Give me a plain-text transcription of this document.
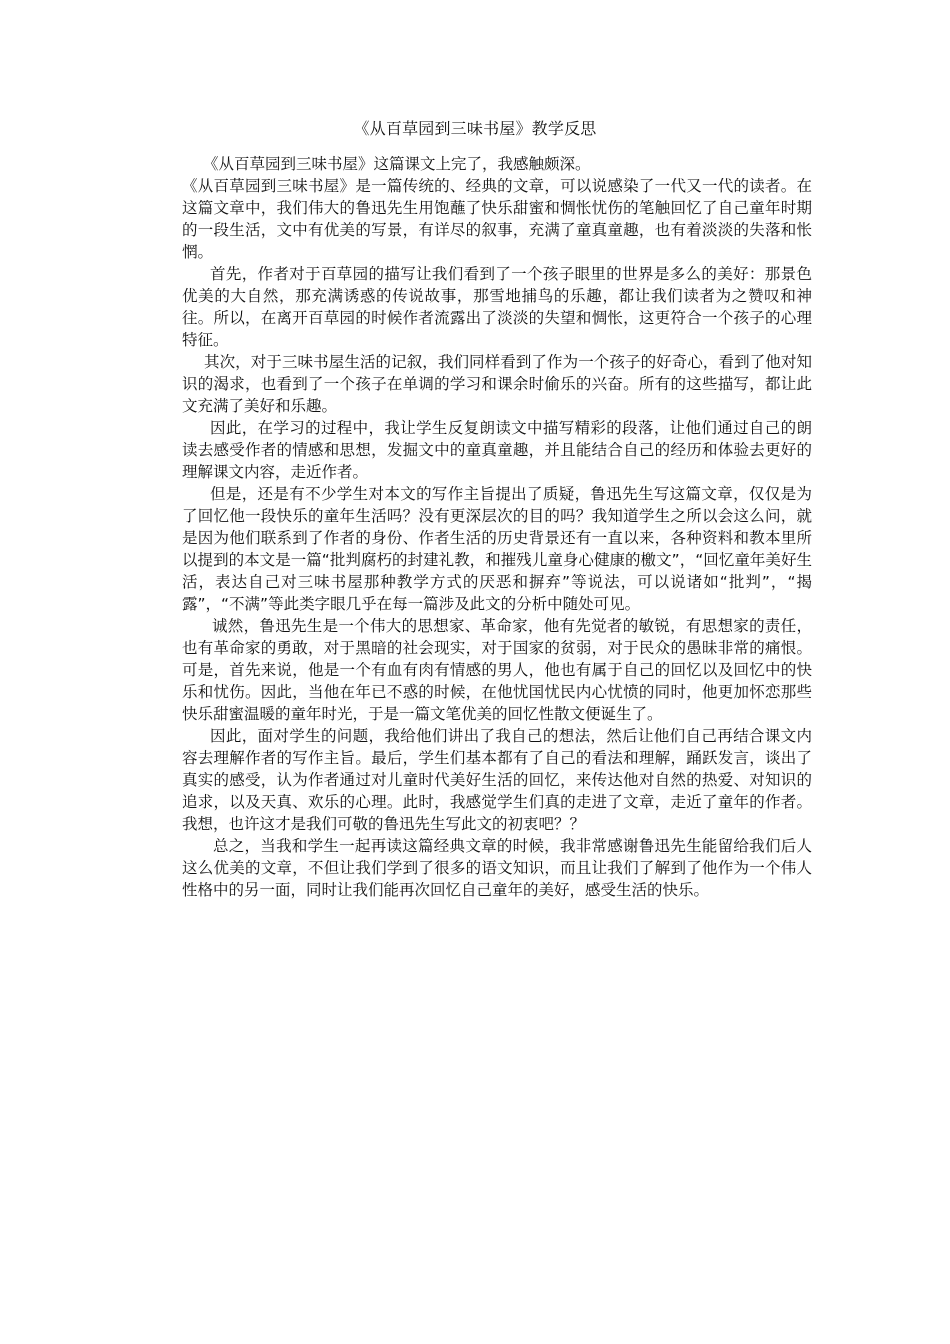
《从百草园到三味书屋》教学反思

《从百草园到三味书屋》这篇课文上完了，我感触颇深。

《从百草园到三味书屋》是一篇传统的、经典的文章，可以说感染了一代又一代的读者。在这篇文章中，我们伟大的鲁迅先生用饱蘸了快乐甜蜜和惆怅忧伤的笔触回忆了自己童年时期的一段生活，文中有优美的写景，有详尽的叙事，充满了童真童趣，也有着淡淡的失落和怅惘。

首先，作者对于百草园的描写让我们看到了一个孩子眼里的世界是多么的美好：那景色优美的大自然，那充满诱惑的传说故事，那雪地捕鸟的乐趣，都让我们读者为之赞叹和神往。所以，在离开百草园的时候作者流露出了淡淡的失望和惆怅，这更符合一个孩子的心理特征。

其次，对于三味书屋生活的记叙，我们同样看到了作为一个孩子的好奇心，看到了他对知识的渴求，也看到了一个孩子在单调的学习和课余时偷乐的兴奋。所有的这些描写，都让此文充满了美好和乐趣。

因此，在学习的过程中，我让学生反复朗读文中描写精彩的段落，让他们通过自己的朗读去感受作者的情感和思想，发掘文中的童真童趣，并且能结合自己的经历和体验去更好的理解课文内容，走近作者。

但是，还是有不少学生对本文的写作主旨提出了质疑，鲁迅先生写这篇文章，仅仅是为了回忆他一段快乐的童年生活吗？没有更深层次的目的吗？我知道学生之所以会这么问，就是因为他们联系到了作者的身份、作者生活的历史背景还有一直以来，各种资料和教本里所以提到的本文是一篇“批判腐朽的封建礼教，和摧残儿童身心健康的檄文”，“回忆童年美好生活，表达自己对三味书屋那种教学方式的厌恶和摒弃”等说法，可以说诸如“批判”，“揭露”，“不满”等此类字眼几乎在每一篇涉及此文的分析中随处可见。

诚然，鲁迅先生是一个伟大的思想家、革命家，他有先觉者的敏锐，有思想家的责任，也有革命家的勇敢，对于黑暗的社会现实，对于国家的贫弱，对于民众的愚昧非常的痛恨。可是，首先来说，他是一个有血有肉有情感的男人，他也有属于自己的回忆以及回忆中的快乐和忧伤。因此，当他在年已不惑的时候，在他忧国忧民内心忧愤的同时，他更加怀恋那些快乐甜蜜温暖的童年时光，于是一篇文笔优美的回忆性散文便诞生了。

因此，面对学生的问题，我给他们讲出了我自己的想法，然后让他们自己再结合课文内容去理解作者的写作主旨。最后，学生们基本都有了自己的看法和理解，踊跃发言，谈出了真实的感受，认为作者通过对儿童时代美好生活的回忆，来传达他对自然的热爱、对知识的追求，以及天真、欢乐的心理。此时，我感觉学生们真的走进了文章，走近了童年的作者。我想，也许这才是我们可敬的鲁迅先生写此文的初衷吧？？

总之，当我和学生一起再读这篇经典文章的时候，我非常感谢鲁迅先生能留给我们后人这么优美的文章，不但让我们学到了很多的语文知识，而且让我们了解到了他作为一个伟人性格中的另一面，同时让我们能再次回忆自己童年的美好，感受生活的快乐。
